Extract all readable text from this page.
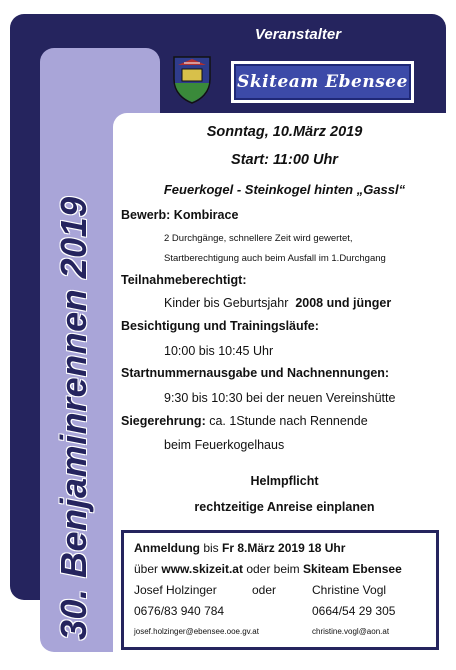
Veranstalter
30. Benjaminrennen 2019
Skiteam Ebensee
Sonntag, 10.März 2019
Start: 11:00 Uhr
Feuerkogel - Steinkogel hinten „Gassl“
Bewerb: Kombirace
2 Durchgänge, schnellere Zeit wird gewertet,
Startberechtigung auch beim Ausfall im 1.Durchgang
Teilnahmeberechtigt:
Kinder bis Geburtsjahr 2008 und jünger
Besichtigung und Trainingsläufe:
10:00 bis 10:45 Uhr
Startnummernausgabe und Nachnennungen:
9:30 bis 10:30 bei der neuen Vereinshütte
Siegerehrung: ca. 1Stunde nach Rennende
beim Feuerkogelhaus
Helmpflicht
rechtzeitige Anreise einplanen
Anmeldung bis Fr 8.März 2019 18 Uhr
über www.skizeit.at oder beim Skiteam Ebensee
Josef Holzinger	oder	Christine Vogl
0676/83 940 784	0664/54 29 305
josef.holzinger@ebensee.ooe.gv.at	christine.vogl@aon.at
